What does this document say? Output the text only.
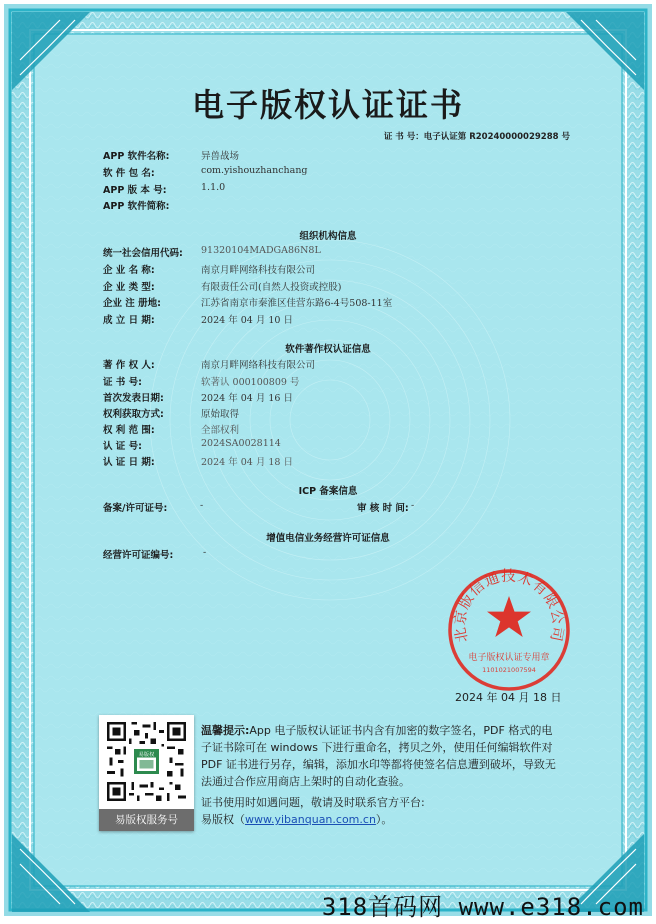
电子版权认证证书
证 书 号：电子认证第 R20240000029288 号
APP 软件名称:	异兽战场
软 件 包 名:	com.yishouzhanchang
APP 版 本 号:	1.1.0
APP 软件简称:
组织机构信息
统一社会信用代码: 91320104MADGA86N8L
企 业 名 称:	南京月畔网络科技有限公司
企 业 类 型:	有限责任公司(自然人投资或控股)
企业 注 册地:	江苏省南京市秦淮区佳营东路6-4号508-11室
成 立 日 期:	2024 年 04 月 10 日
软件著作权认证信息
著 作 权 人:	南京月畔网络科技有限公司
证 书 号:	软著认 000100809 号
首次发表日期:	2024 年 04 月 16 日
权利获取方式:	原始取得
权 利 范 围:	全部权利
认 证 号:	2024SA0028114
认 证 日 期:	2024 年 04 月 18 日
ICP 备案信息
备案/许可证号:	-	审 核 时 间: -
增值电信业务经营许可证信息
经营许可证编号:	-
北京版信通技术有限公司
电子版权认证专用章
1101021007594
2024 年 04 月 18 日
易版权
易版权服务号
温馨提示:App 电子版权认证证书内含有加密的数字签名，PDF 格式的电子证书除可在 windows 下进行重命名，拷贝之外，使用任何编辑软件对 PDF 证书进行另存，编辑，添加水印等都将使签名信息遭到破坏，导致无法通过合作应用商店上架时的自动化查验。
证书使用时如遇问题，敬请及时联系官方平台:
易版权（www.yibanquan.com.cn）。
318首码网 www.e318.com
